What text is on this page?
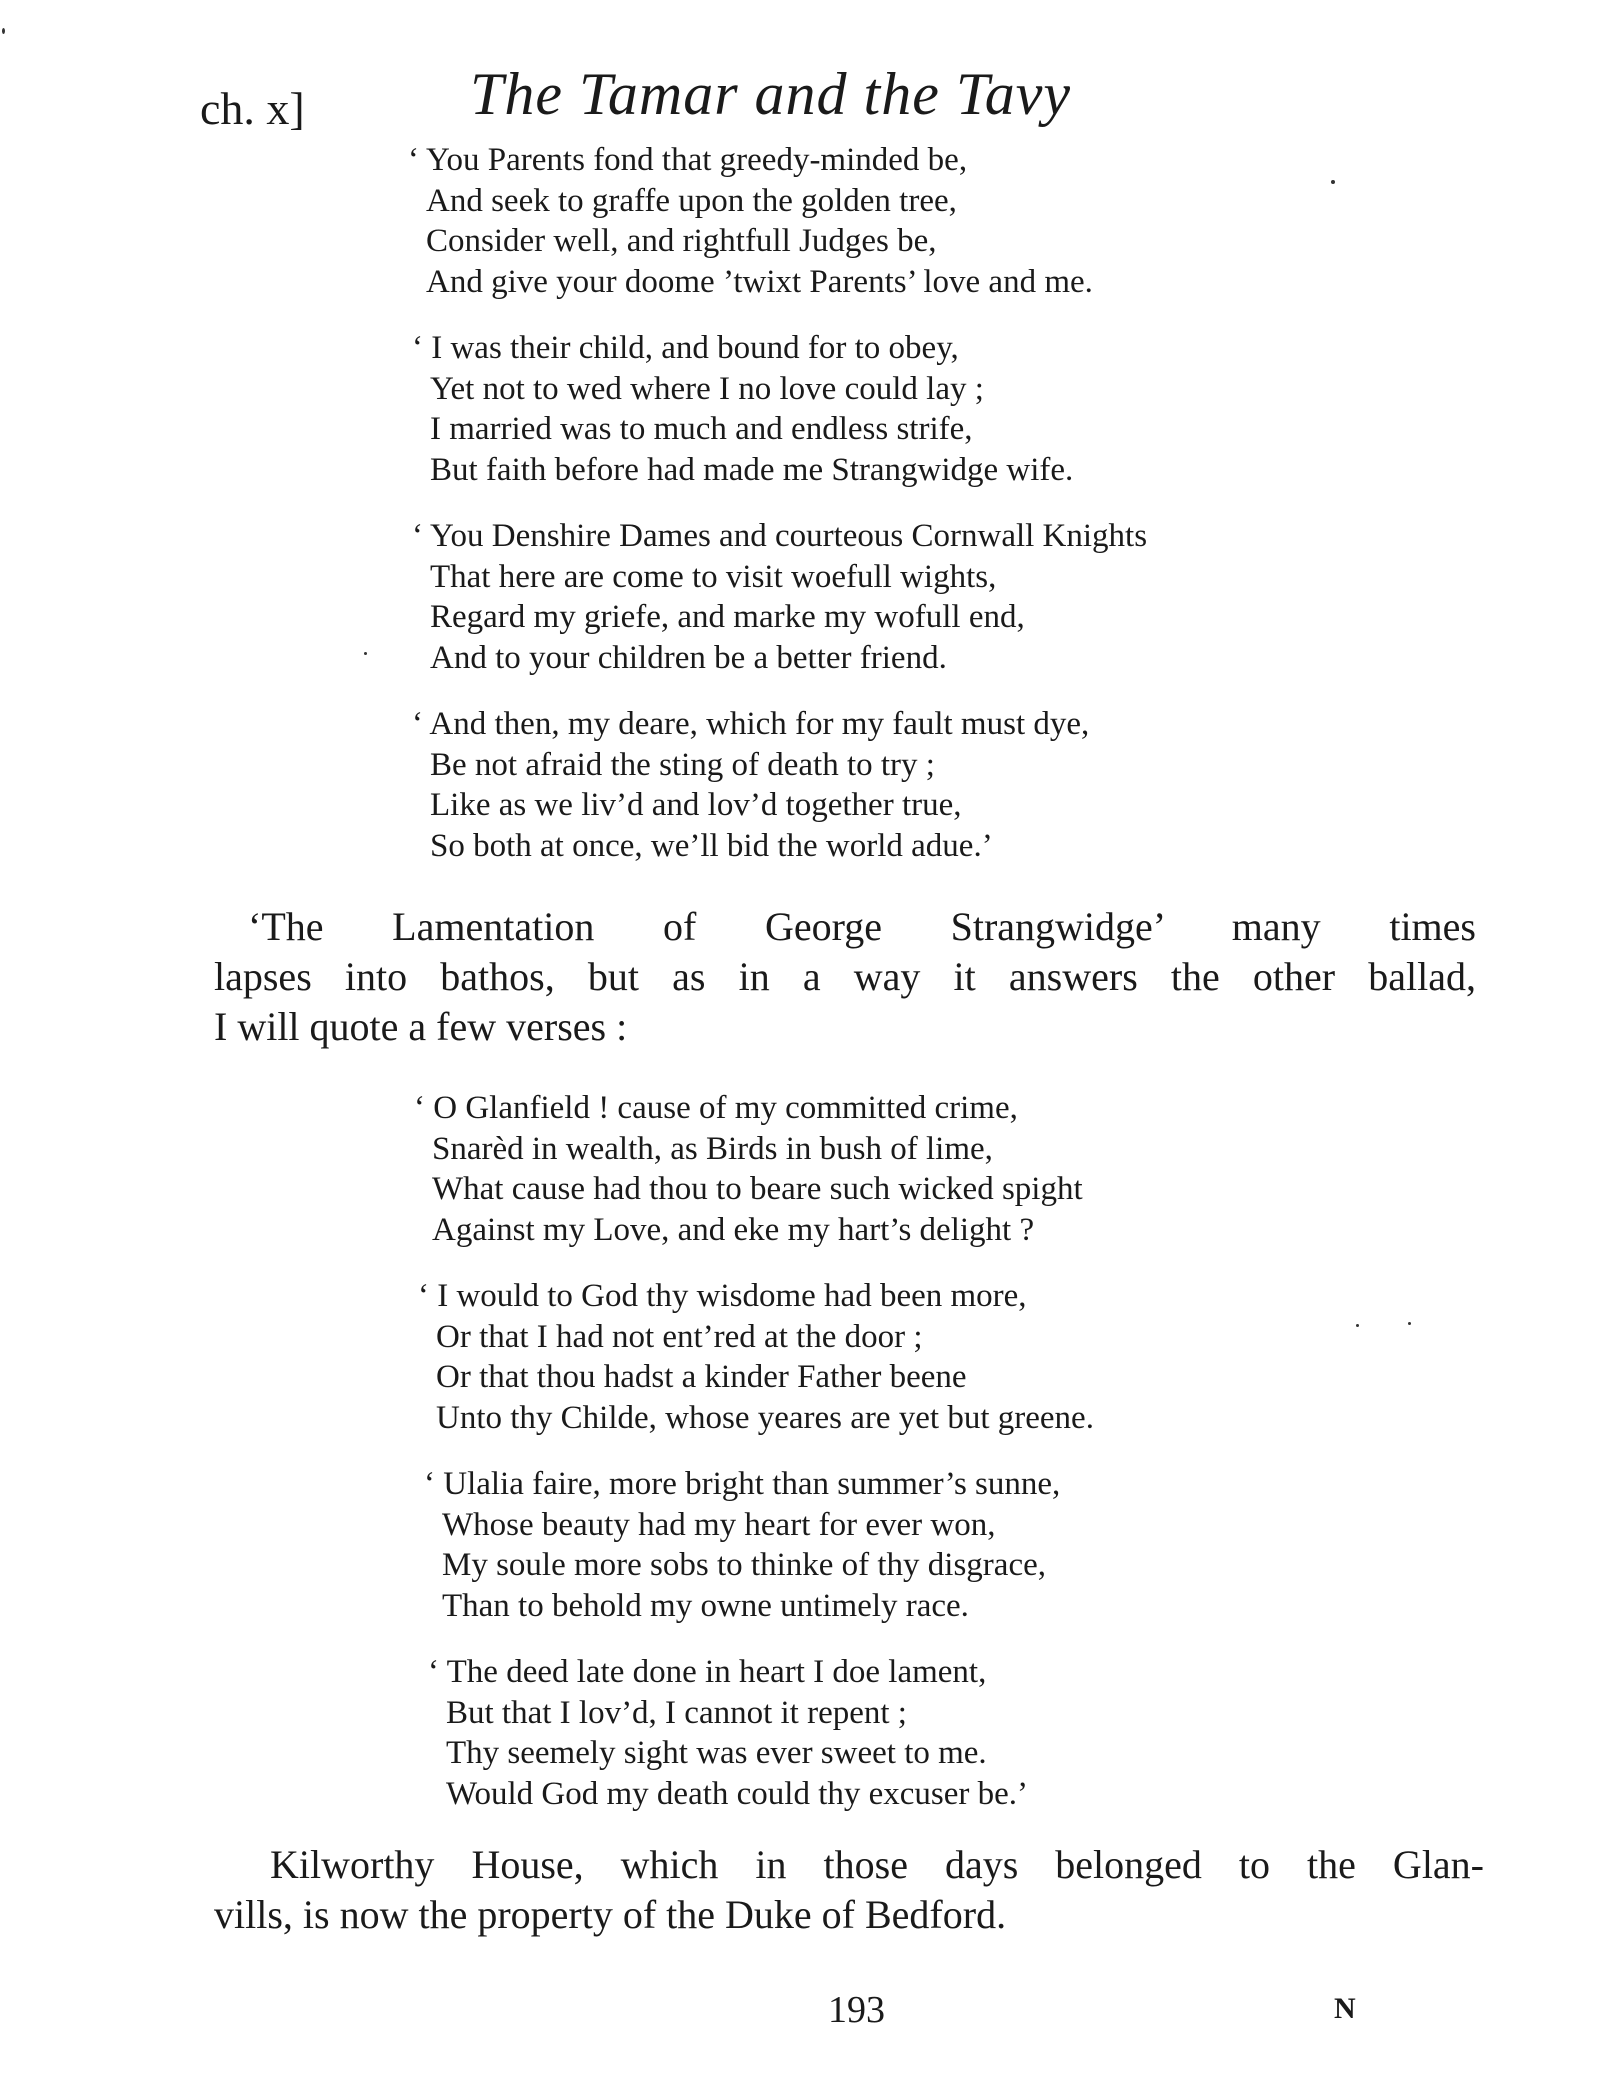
ch. x]	The Tamar and the Tavy
‘ You Parents fond that greedy-minded be,
And seek to graffe upon the golden tree,
Consider well, and rightfull Judges be,
And give your doome ’twixt Parents’ love and me.
‘ I was their child, and bound for to obey,
Yet not to wed where I no love could lay ;
I married was to much and endless strife,
But faith before had made me Strangwidge wife.
‘ You Denshire Dames and courteous Cornwall Knights
That here are come to visit woefull wights,
Regard my griefe, and marke my wofull end,
And to your children be a better friend.
‘ And then, my deare, which for my fault must dye,
Be not afraid the sting of death to try ;
Like as we liv’d and lov’d together true,
So both at once, we’ll bid the world adue.’
‘The Lamentation of George Strangwidge’ many times
lapses into bathos, but as in a way it answers the other ballad,
I will quote a few verses :
‘ O Glanfield ! cause of my committed crime,
Snarèd in wealth, as Birds in bush of lime,
What cause had thou to beare such wicked spight
Against my Love, and eke my hart’s delight ?
‘ I would to God thy wisdome had been more,
Or that I had not ent’red at the door ;
Or that thou hadst a kinder Father beene
Unto thy Childe, whose yeares are yet but greene.
‘ Ulalia faire, more bright than summer’s sunne,
Whose beauty had my heart for ever won,
My soule more sobs to thinke of thy disgrace,
Than to behold my owne untimely race.
‘ The deed late done in heart I doe lament,
But that I lov’d, I cannot it repent ;
Thy seemely sight was ever sweet to me.
Would God my death could thy excuser be.’
Kilworthy House, which in those days belonged to the Glan-
vills, is now the property of the Duke of Bedford.
193	N
